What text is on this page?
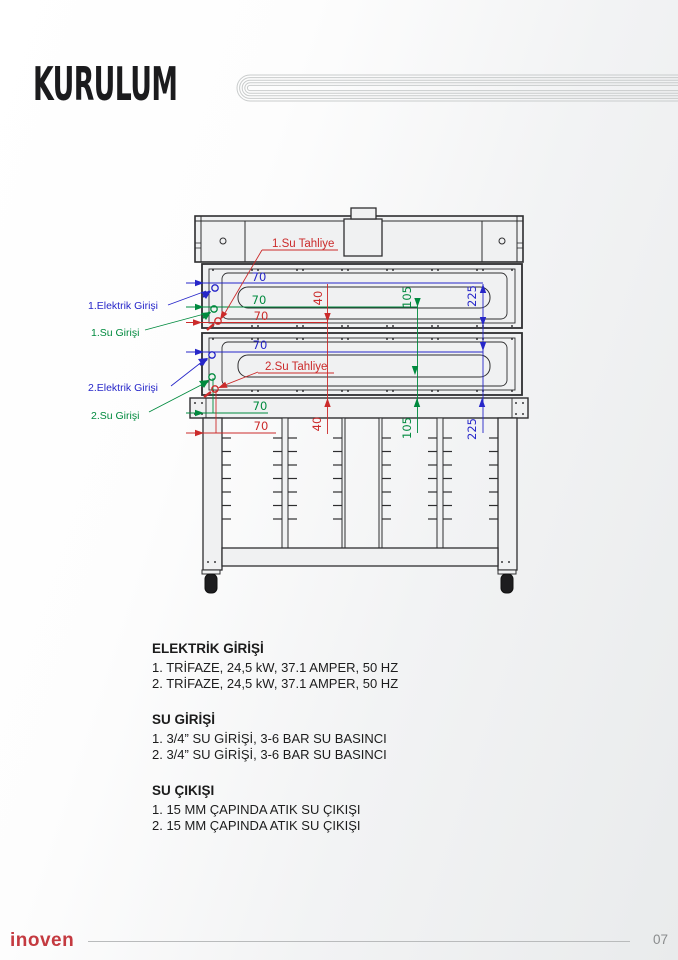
KURULUM
70
70
70
40	105	225
70
70
70	40	105	225
1.Su Tahliye
2.Su Tahliye
1.Elektrik Girişi
1.Su Girişi
2.Elektrik Girişi
2.Su Girişi
ELEKTRİK GİRİŞİ

1. TRİFAZE, 24,5 kW, 37.1 AMPER, 50 HZ

2. TRİFAZE, 24,5 kW, 37.1 AMPER, 50 HZ

SU GİRİŞİ

1. 3/4” SU GİRİŞİ, 3-6 BAR SU BASINCI

2. 3/4” SU GİRİŞİ, 3-6 BAR SU BASINCI

SU ÇIKIŞI

1. 15 MM ÇAPINDA ATIK SU ÇIKIŞI

2. 15 MM ÇAPINDA ATIK SU ÇIKIŞI

inoven	07
